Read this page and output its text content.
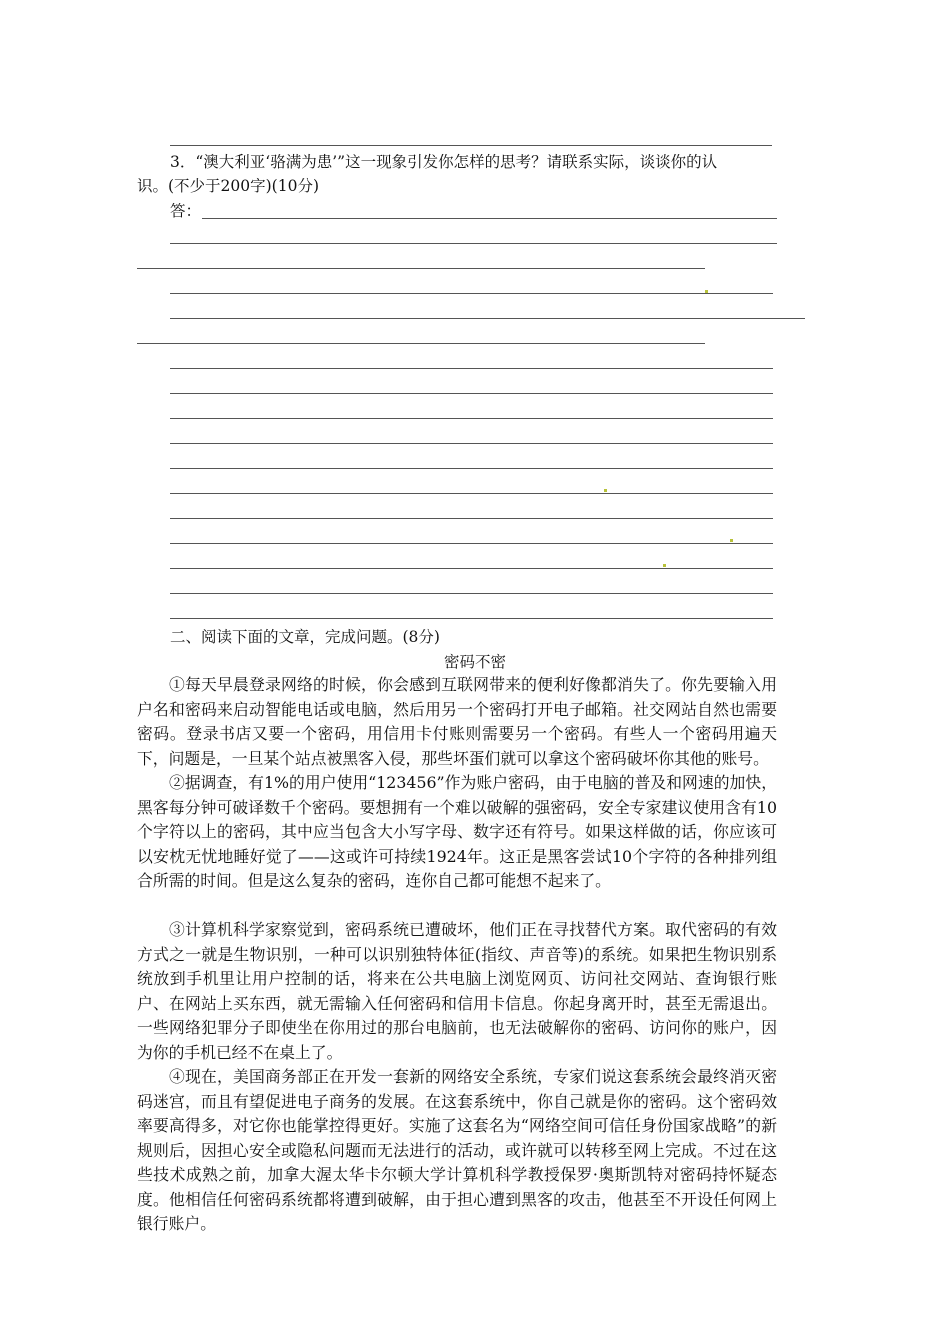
3．“澳大利亚‘骆满为患’”这一现象引发你怎样的思考？请联系实际，谈谈你的认
识。(不少于200字)(10分)
答：
二、阅读下面的文章，完成问题。(8分)
密码不密
①每天早晨登录网络的时候，你会感到互联网带来的便利好像都消失了。你先要输入用户名和密码来启动智能电话或电脑，然后用另一个密码打开电子邮箱。社交网站自然也需要密码。登录书店又要一个密码，用信用卡付账则需要另一个密码。有些人一个密码用遍天下，问题是，一旦某个站点被黑客入侵，那些坏蛋们就可以拿这个密码破坏你其他的账号。
②据调查，有1%的用户使用“123456”作为账户密码，由于电脑的普及和网速的加快，黑客每分钟可破译数千个密码。要想拥有一个难以破解的强密码，安全专家建议使用含有10个字符以上的密码，其中应当包含大小写字母、数字还有符号。如果这样做的话，你应该可以安枕无忧地睡好觉了——这或许可持续1924年。这正是黑客尝试10个字符的各种排列组合所需的时间。但是这么复杂的密码，连你自己都可能想不起来了。
③计算机科学家察觉到，密码系统已遭破坏，他们正在寻找替代方案。取代密码的有效方式之一就是生物识别，一种可以识别独特体征(指纹、声音等)的系统。如果把生物识别系统放到手机里让用户控制的话，将来在公共电脑上浏览网页、访问社交网站、查询银行账户、在网站上买东西，就无需输入任何密码和信用卡信息。你起身离开时，甚至无需退出。一些网络犯罪分子即使坐在你用过的那台电脑前，也无法破解你的密码、访问你的账户，因为你的手机已经不在桌上了。
④现在，美国商务部正在开发一套新的网络安全系统，专家们说这套系统会最终消灭密码迷宫，而且有望促进电子商务的发展。在这套系统中，你自己就是你的密码。这个密码效率要高得多，对它你也能掌控得更好。实施了这套名为“网络空间可信任身份国家战略”的新规则后，因担心安全或隐私问题而无法进行的活动，或许就可以转移至网上完成。不过在这些技术成熟之前，加拿大渥太华卡尔顿大学计算机科学教授保罗·奥斯凯特对密码持怀疑态度。他相信任何密码系统都将遭到破解，由于担心遭到黑客的攻击，他甚至不开设任何网上银行账户。
